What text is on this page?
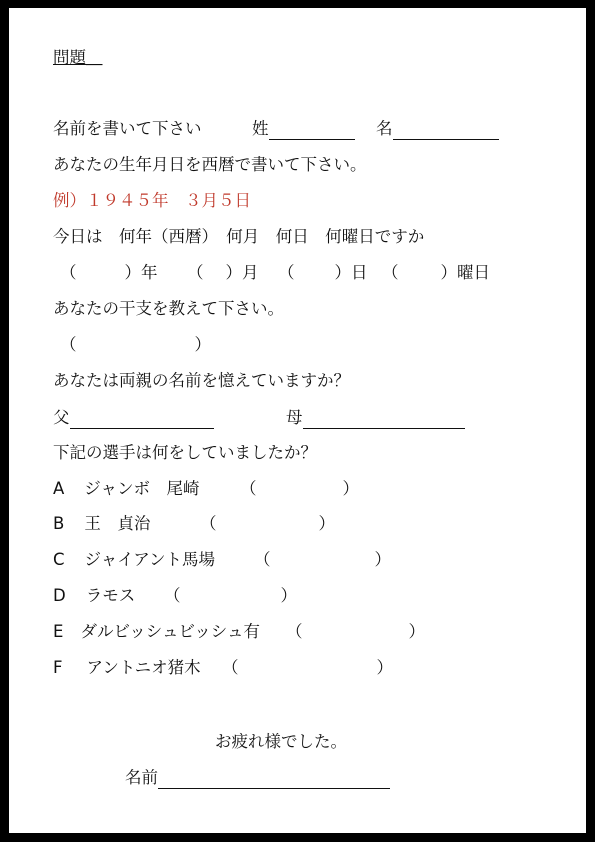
問題＿
名前を書いて下さい	姓	名
あなたの生年月日を西暦で書いて下さい。
例）１９４５年　３月５日
今日は　何年（西暦）　何月　何日　何曜日ですか
（	）年 （ ）月 （ ）日 （	）曜日
あなたの干支を教えて下さい。
（	）
あなたは両親の名前を憶えていますか？
父	母
下記の選手は何をしていましたか？
A ジャンボ　尾崎 （	）
B 王　貞治	（	）
C ジャイアント馬場 （	）
D ラモス （	）
E ダルビッシュビッシュ有 （	）
F アントニオ猪木 （	）
お疲れ様でした。
名前
